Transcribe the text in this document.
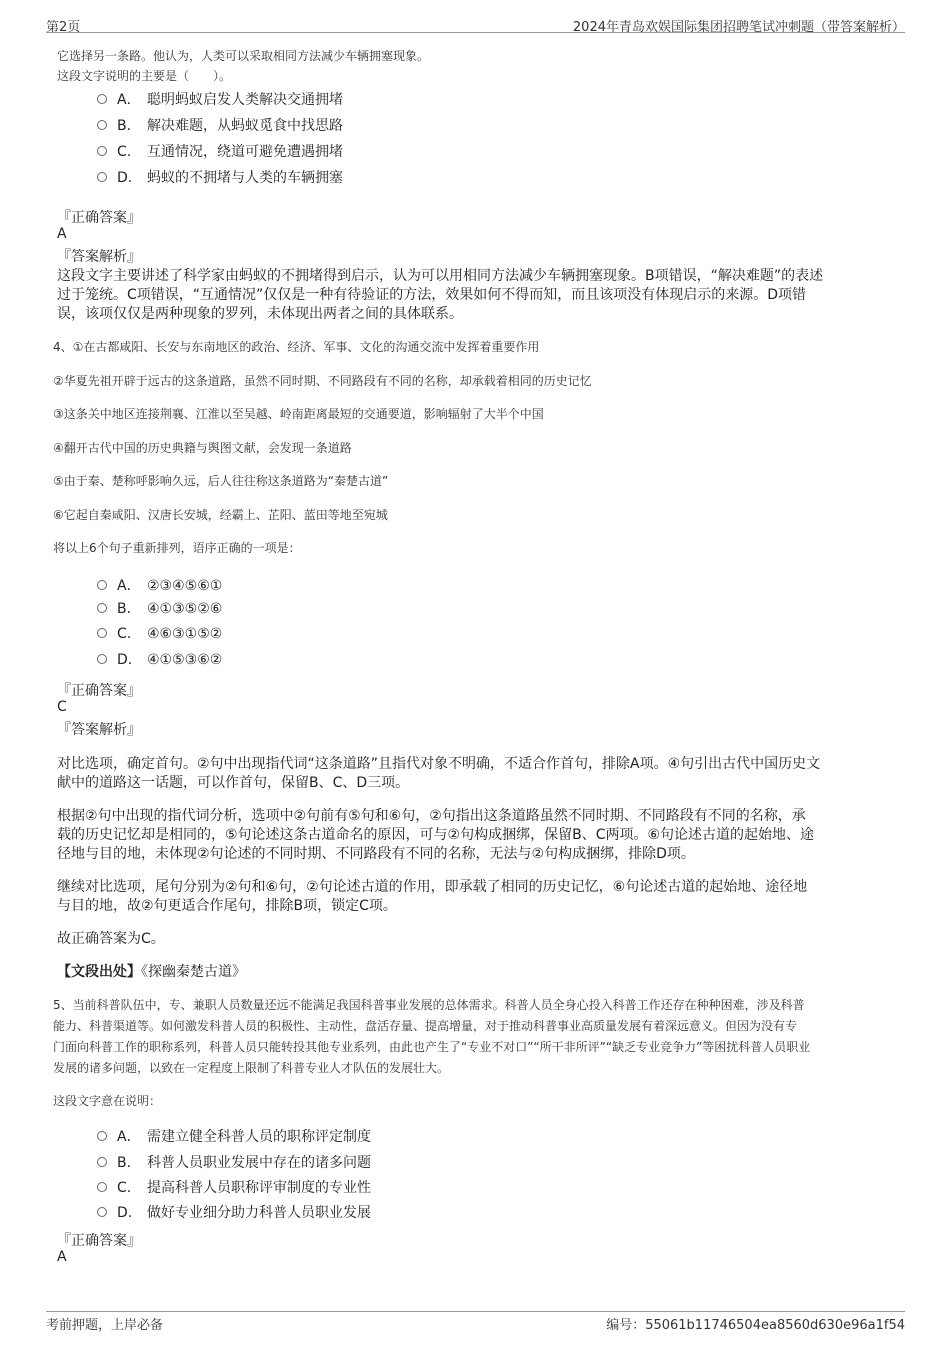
第2页	2024年青岛欢娱国际集团招聘笔试冲刺题（带答案解析）
它选择另一条路。他认为，人类可以采取相同方法减少车辆拥塞现象。
这段文字说明的主要是（　　）。
A． 聪明蚂蚁启发人类解决交通拥堵
B. 解决难题，从蚂蚁觅食中找思路
C. 互通情况，绕道可避免遭遇拥堵
D. 蚂蚁的不拥堵与人类的车辆拥塞
『正确答案』
A
『答案解析』
这段文字主要讲述了科学家由蚂蚁的不拥堵得到启示，认为可以用相同方法减少车辆拥塞现象。B项错误，“解决难题”的表述
过于笼统。C项错误，“互通情况”仅仅是一种有待验证的方法，效果如何不得而知，而且该项没有体现启示的来源。D项错
误，该项仅仅是两种现象的罗列，未体现出两者之间的具体联系。
4、①在古都咸阳、长安与东南地区的政治、经济、军事、文化的沟通交流中发挥着重要作用
②华夏先祖开辟于远古的这条道路，虽然不同时期、不同路段有不同的名称，却承载着相同的历史记忆
③这条关中地区连接荆襄、江淮以至吴越、岭南距离最短的交通要道，影响辐射了大半个中国
④翻开古代中国的历史典籍与舆图文献，会发现一条道路
⑤由于秦、楚称呼影响久远，后人往往称这条道路为“秦楚古道”
⑥它起自秦咸阳、汉唐长安城，经霸上、芷阳、蓝田等地至宛城
将以上6个句子重新排列，语序正确的一项是：
A． ②③④⑤⑥①
B. ④①③⑤②⑥
C. ④⑥③①⑤②
D. ④①⑤③⑥②
『正确答案』
C
『答案解析』
对比选项，确定首句。②句中出现指代词“这条道路”且指代对象不明确，不适合作首句，排除A项。④句引出古代中国历史文
献中的道路这一话题，可以作首句，保留B、C、D三项。
根据②句中出现的指代词分析，选项中②句前有⑤句和⑥句，②句指出这条道路虽然不同时期、不同路段有不同的名称，承
载的历史记忆却是相同的，⑤句论述这条古道命名的原因，可与②句构成捆绑，保留B、C两项。⑥句论述古道的起始地、途
径地与目的地，未体现②句论述的不同时期、不同路段有不同的名称，无法与②句构成捆绑，排除D项。
继续对比选项，尾句分别为②句和⑥句，②句论述古道的作用，即承载了相同的历史记忆，⑥句论述古道的起始地、途径地
与目的地，故②句更适合作尾句，排除B项，锁定C项。
故正确答案为C。
【文段出处】《探幽秦楚古道》
5、当前科普队伍中，专、兼职人员数量还远不能满足我国科普事业发展的总体需求。科普人员全身心投入科普工作还存在种种困难，涉及科普
能力、科普渠道等。如何激发科普人员的积极性、主动性，盘活存量、提高增量，对于推动科普事业高质量发展有着深远意义。但因为没有专
门面向科普工作的职称系列，科普人员只能转投其他专业系列，由此也产生了“专业不对口”“所干非所评”“缺乏专业竞争力”等困扰科普人员职业
发展的诸多问题，以致在一定程度上限制了科普专业人才队伍的发展壮大。
这段文字意在说明：
A． 需建立健全科普人员的职称评定制度
B. 科普人员职业发展中存在的诸多问题
C. 提高科普人员职称评审制度的专业性
D. 做好专业细分助力科普人员职业发展
『正确答案』
A
考前押题，上岸必备	编号：55061b11746504ea8560d630e96a1f54
